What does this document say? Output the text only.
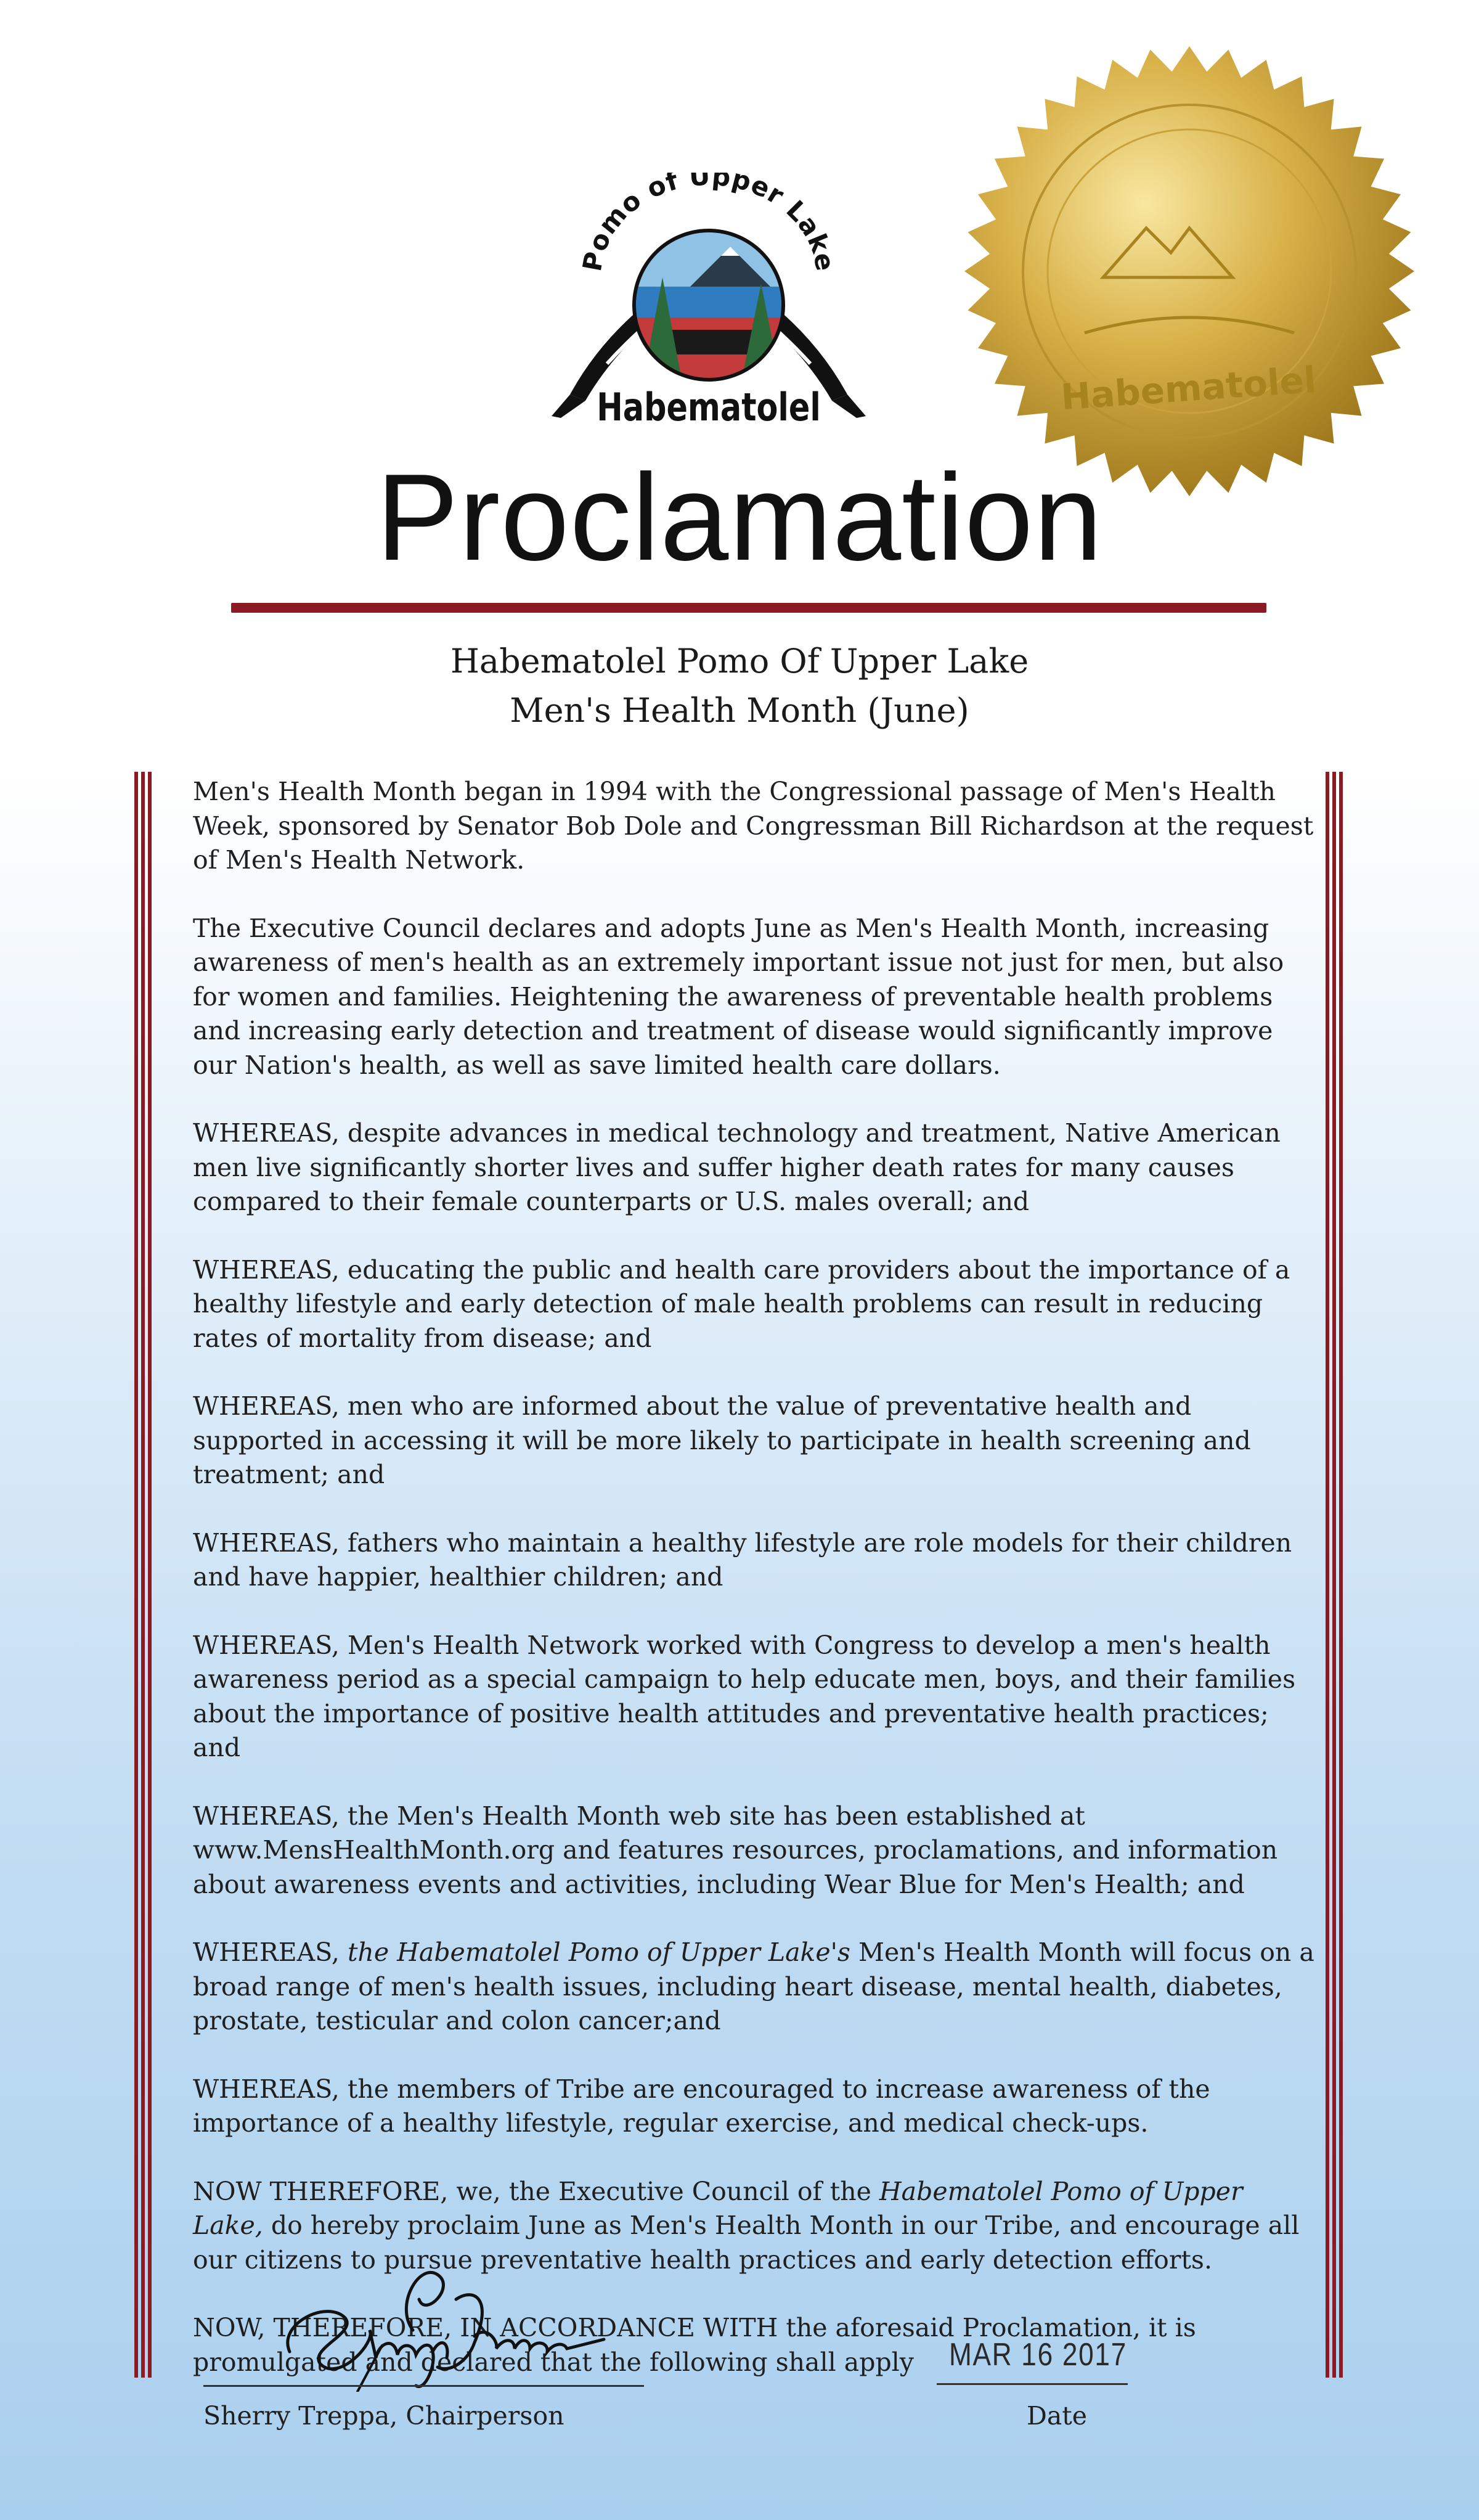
Pomo of Upper Lake
Habematolel	Habematolel
Proclamation
Habematolel Pomo Of Upper Lake
Men's Health Month (June)

Men's Health Month began in 1994 with the Congressional passage of Men's Health Week, sponsored by Senator Bob Dole and Congressman Bill Richardson at the request of Men's Health Network.

The Executive Council declares and adopts June as Men's Health Month, increasing awareness of men's health as an extremely important issue not just for men, but also for women and families. Heightening the awareness of preventable health problems and increasing early detection and treatment of disease would significantly improve our Nation's health, as well as save limited health care dollars.

WHEREAS, despite advances in medical technology and treatment, Native American men live significantly shorter lives and suffer higher death rates for many causes compared to their female counterparts or U.S. males overall; and

WHEREAS, educating the public and health care providers about the importance of a healthy lifestyle and early detection of male health problems can result in reducing rates of mortality from disease; and

WHEREAS, men who are informed about the value of preventative health and supported in accessing it will be more likely to participate in health screening and treatment; and

WHEREAS, fathers who maintain a healthy lifestyle are role models for their children and have happier, healthier children; and

WHEREAS, Men's Health Network worked with Congress to develop a men's health awareness period as a special campaign to help educate men, boys, and their families about the importance of positive health attitudes and preventative health practices; and

WHEREAS, the Men's Health Month web site has been established at www.MensHealthMonth.org and features resources, proclamations, and information about awareness events and activities, including Wear Blue for Men's Health; and

WHEREAS, the Habematolel Pomo of Upper Lake's Men's Health Month will focus on a broad range of men's health issues, including heart disease, mental health, diabetes, prostate, testicular and colon cancer;and

WHEREAS, the members of Tribe are encouraged to increase awareness of the importance of a healthy lifestyle, regular exercise, and medical check-ups.

NOW THEREFORE, we, the Executive Council of the Habematolel Pomo of Upper Lake, do hereby proclaim June as Men's Health Month in our Tribe, and encourage all our citizens to pursue preventative health practices and early detection efforts.

NOW, THEREFORE, IN ACCORDANCE WITH the aforesaid Proclamation, it is promulgated and declared that the following shall apply

Sherry Treppa, Chairperson
MAR 16 2017
Date
